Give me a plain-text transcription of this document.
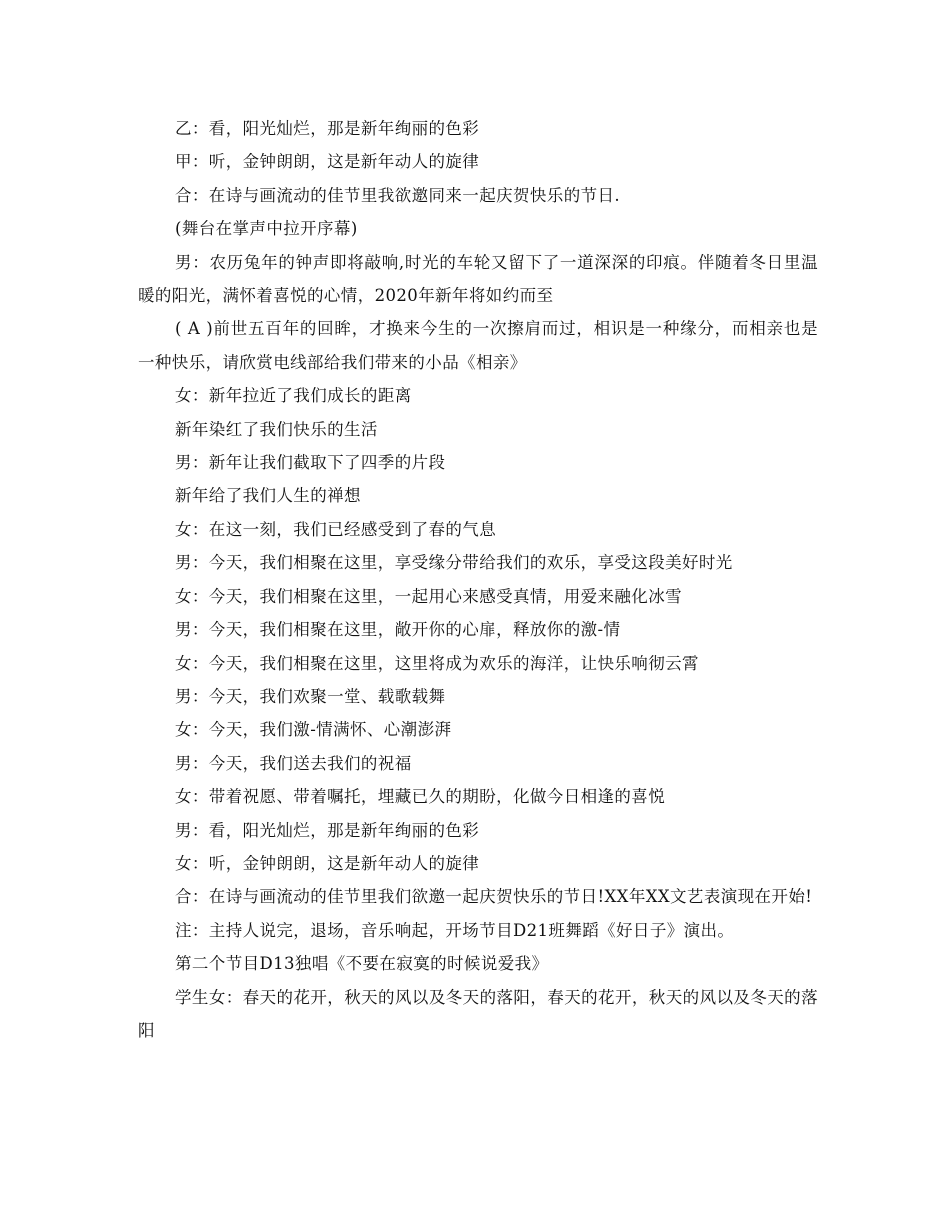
乙：看，阳光灿烂，那是新年绚丽的色彩

甲：听，金钟朗朗，这是新年动人的旋律

合：在诗与画流动的佳节里我欲邀同来一起庆贺快乐的节日.

(舞台在掌声中拉开序幕)

男：农历兔年的钟声即将敲响,时光的车轮又留下了一道深深的印痕。伴随着冬日里温暖的阳光，满怀着喜悦的心情，2020年新年将如约而至

( A )前世五百年的回眸，才换来今生的一次擦肩而过，相识是一种缘分，而相亲也是一种快乐，请欣赏电线部给我们带来的小品《相亲》

女：新年拉近了我们成长的距离

新年染红了我们快乐的生活

男：新年让我们截取下了四季的片段

新年给了我们人生的禅想

女：在这一刻，我们已经感受到了春的气息

男：今天，我们相聚在这里，享受缘分带给我们的欢乐，享受这段美好时光

女：今天，我们相聚在这里，一起用心来感受真情，用爱来融化冰雪

男：今天，我们相聚在这里，敞开你的心扉，释放你的激-情

女：今天，我们相聚在这里，这里将成为欢乐的海洋，让快乐响彻云霄

男：今天，我们欢聚一堂、载歌载舞

女：今天，我们激-情满怀、心潮澎湃

男：今天，我们送去我们的祝福

女：带着祝愿、带着嘱托，埋藏已久的期盼，化做今日相逢的喜悦

男：看，阳光灿烂，那是新年绚丽的色彩

女：听，金钟朗朗，这是新年动人的旋律

合：在诗与画流动的佳节里我们欲邀一起庆贺快乐的节日!XX年XX文艺表演现在开始!

注：主持人说完，退场，音乐响起，开场节目D21班舞蹈《好日子》演出。

第二个节目D13独唱《不要在寂寞的时候说爱我》

学生女：春天的花开，秋天的风以及冬天的落阳，春天的花开，秋天的风以及冬天的落阳
